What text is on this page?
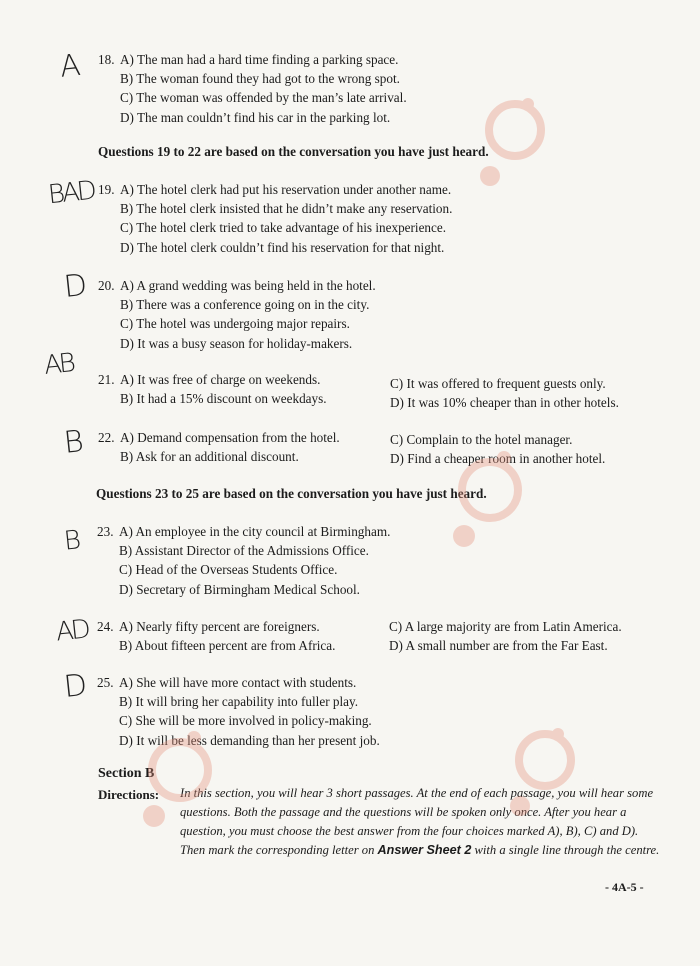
A 18. A) The man had a hard time finding a parking space.
B) The woman found they had got to the wrong spot.
C) The woman was offended by the man’s late arrival.
D) The man couldn’t find his car in the parking lot.
Questions 19 to 22 are based on the conversation you have just heard.
BAD 19. A) The hotel clerk had put his reservation under another name.
B) The hotel clerk insisted that he didn’t make any reservation.
C) The hotel clerk tried to take advantage of his inexperience.
D) The hotel clerk couldn’t find his reservation for that night.
D 20. A) A grand wedding was being held in the hotel.
B) There was a conference going on in the city.
C) The hotel was undergoing major repairs.
D) It was a busy season for holiday-makers.
AB	21. A) It was free of charge on weekends.
B) It had a 15% discount on weekdays.
C) It was offered to frequent guests only.
D) It was 10% cheaper than in other hotels.
B 22. A) Demand compensation from the hotel.
B) Ask for an additional discount.
C) Complain to the hotel manager.
D) Find a cheaper room in another hotel.
Questions 23 to 25 are based on the conversation you have just heard.
B 23. A) An employee in the city council at Birmingham.
B) Assistant Director of the Admissions Office.
C) Head of the Overseas Students Office.
D) Secretary of Birmingham Medical School.
AD 24. A) Nearly fifty percent are foreigners.
B) About fifteen percent are from Africa.
C) A large majority are from Latin America.
D) A small number are from the Far East.
D 25. A) She will have more contact with students.
B) It will bring her capability into fuller play.
C) She will be more involved in policy-making.
D) It will be less demanding than her present job.
Section B
Directions: In this section, you will hear 3 short passages. At the end of each passage, you will hear some questions. Both the passage and the questions will be spoken only once. After you hear a question, you must choose the best answer from the four choices marked A), B), C) and D). Then mark the corresponding letter on Answer Sheet 2 with a single line through the centre.
- 4A-5 -
